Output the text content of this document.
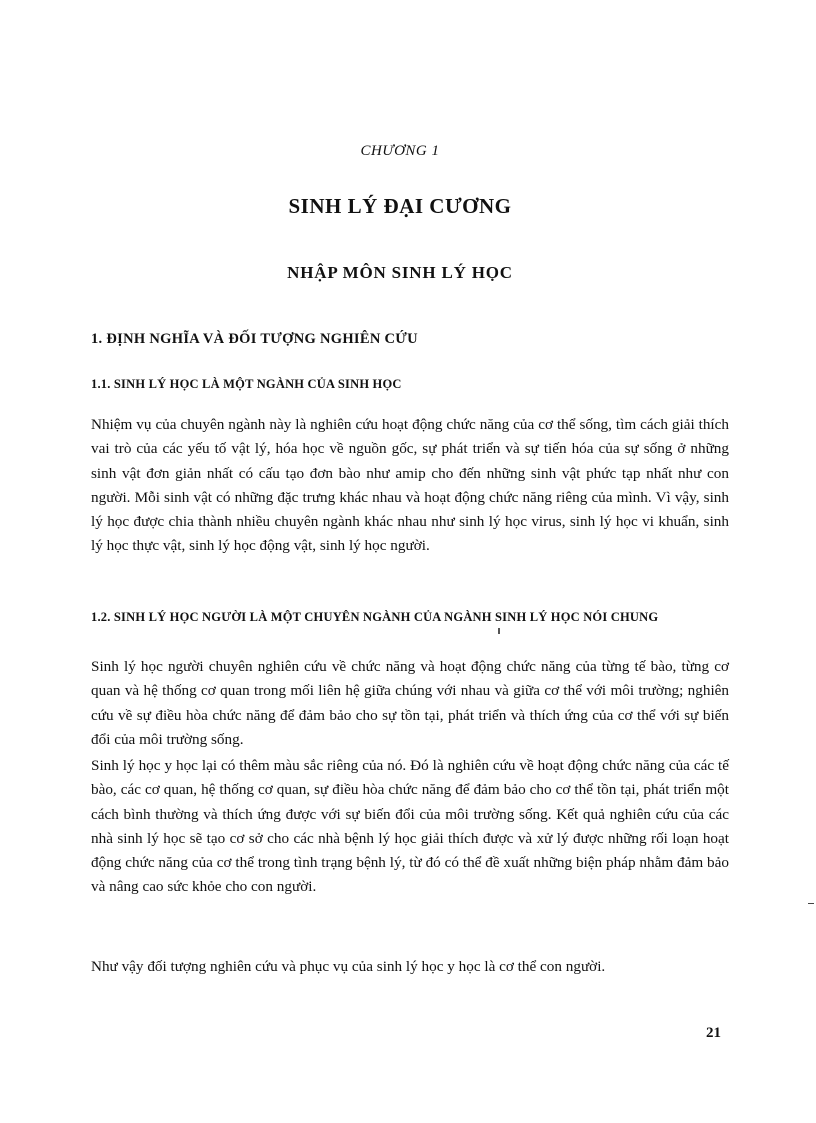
CHƯƠNG 1
SINH LÝ ĐẠI CƯƠNG
NHẬP MÔN SINH LÝ HỌC
1. ĐỊNH NGHĨA VÀ ĐỐI TƯỢNG NGHIÊN CỨU
1.1. SINH LÝ HỌC LÀ MỘT NGÀNH CỦA SINH HỌC

Nhiệm vụ của chuyên ngành này là nghiên cứu hoạt động chức năng của cơ thể sống, tìm cách giải thích vai trò của các yếu tố vật lý, hóa học về nguồn gốc, sự phát triển và sự tiến hóa của sự sống ở những sinh vật đơn giản nhất có cấu tạo đơn bào như amip cho đến những sinh vật phức tạp nhất như con người. Mỗi sinh vật có những đặc trưng khác nhau và hoạt động chức năng riêng của mình. Vì vậy, sinh lý học được chia thành nhiều chuyên ngành khác nhau như sinh lý học virus, sinh lý học vi khuẩn, sinh lý học thực vật, sinh lý học động vật, sinh lý học người.

1.2. SINH LÝ HỌC NGƯỜI LÀ MỘT CHUYÊN NGÀNH CỦA NGÀNH SINH LÝ HỌC NÓI CHUNG

Sinh lý học người chuyên nghiên cứu về chức năng và hoạt động chức năng của từng tế bào, từng cơ quan và hệ thống cơ quan trong mối liên hệ giữa chúng với nhau và giữa cơ thể với môi trường; nghiên cứu về sự điều hòa chức năng để đảm bảo cho sự tồn tại, phát triển và thích ứng của cơ thể với sự biến đổi của môi trường sống.

Sinh lý học y học lại có thêm màu sắc riêng của nó. Đó là nghiên cứu về hoạt động chức năng của các tế bào, các cơ quan, hệ thống cơ quan, sự điều hòa chức năng để đảm bảo cho cơ thể tồn tại, phát triển một cách bình thường và thích ứng được với sự biến đổi của môi trường sống. Kết quả nghiên cứu của các nhà sinh lý học sẽ tạo cơ sở cho các nhà bệnh lý học giải thích được và xử lý được những rối loạn hoạt động chức năng của cơ thể trong tình trạng bệnh lý, từ đó có thể đề xuất những biện pháp nhằm đảm bảo và nâng cao sức khỏe cho con người.

Như vậy đối tượng nghiên cứu và phục vụ của sinh lý học y học là cơ thể con người.

21
